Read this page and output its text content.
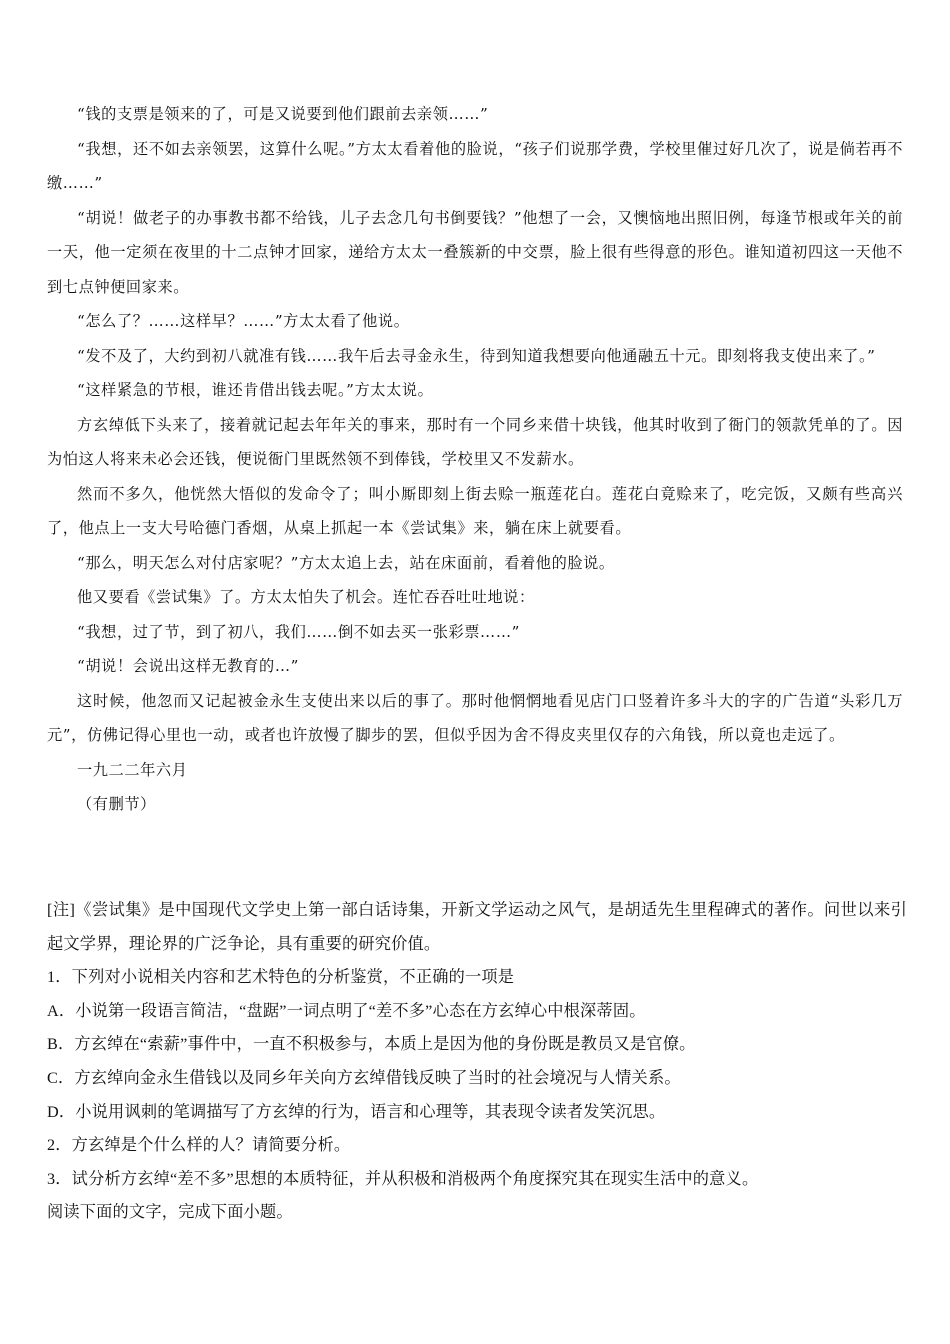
“钱的支票是领来的了，可是又说要到他们跟前去亲领……”

“我想，还不如去亲领罢，这算什么呢。”方太太看着他的脸说，“孩子们说那学费，学校里催过好几次了，说是倘若再不缴……”

“胡说！做老子的办事教书都不给钱，儿子去念几句书倒要钱？”他想了一会，又懊恼地出照旧例，每逢节根或年关的前一天，他一定须在夜里的十二点钟才回家，递给方太太一叠簇新的中交票，脸上很有些得意的形色。谁知道初四这一天他不到七点钟便回家来。

“怎么了？……这样早？……”方太太看了他说。

“发不及了，大约到初八就准有钱……我午后去寻金永生，待到知道我想要向他通融五十元。即刻将我支使出来了。”

“这样紧急的节根，谁还肯借出钱去呢。”方太太说。

方玄绰低下头来了，接着就记起去年年关的事来，那时有一个同乡来借十块钱，他其时收到了衙门的领款凭单的了。因为怕这人将来未必会还钱，便说衙门里既然领不到俸钱，学校里又不发薪水。

然而不多久，他恍然大悟似的发命令了；叫小厮即刻上街去赊一瓶莲花白。莲花白竟赊来了，吃完饭，又颇有些高兴了，他点上一支大号哈德门香烟，从桌上抓起一本《尝试集》来，躺在床上就要看。

“那么，明天怎么对付店家呢？”方太太追上去，站在床面前，看着他的脸说。

他又要看《尝试集》了。方太太怕失了机会。连忙吞吞吐吐地说：

“我想，过了节，到了初八，我们……倒不如去买一张彩票……”

“胡说！会说出这样无教育的…”

这时候，他忽而又记起被金永生支使出来以后的事了。那时他惘惘地看见店门口竖着许多斗大的字的广告道“头彩几万元”，仿佛记得心里也一动，或者也许放慢了脚步的罢，但似乎因为舍不得皮夹里仅存的六角钱，所以竟也走远了。

一九二二年六月

（有删节）

[注]《尝试集》是中国现代文学史上第一部白话诗集，开新文学运动之风气，是胡适先生里程碑式的著作。问世以来引起文学界，理论界的广泛争论，具有重要的研究价值。

1．下列对小说相关内容和艺术特色的分析鉴赏，不正确的一项是

A．小说第一段语言简洁，“盘踞”一词点明了“差不多”心态在方玄绰心中根深蒂固。

B．方玄绰在“索薪”事件中，一直不积极参与，本质上是因为他的身份既是教员又是官僚。

C．方玄绰向金永生借钱以及同乡年关向方玄绰借钱反映了当时的社会境况与人情关系。

D．小说用讽刺的笔调描写了方玄绰的行为，语言和心理等，其表现令读者发笑沉思。

2．方玄绰是个什么样的人？请简要分析。

3．试分析方玄绰“差不多”思想的本质特征，并从积极和消极两个角度探究其在现实生活中的意义。

阅读下面的文字，完成下面小题。
